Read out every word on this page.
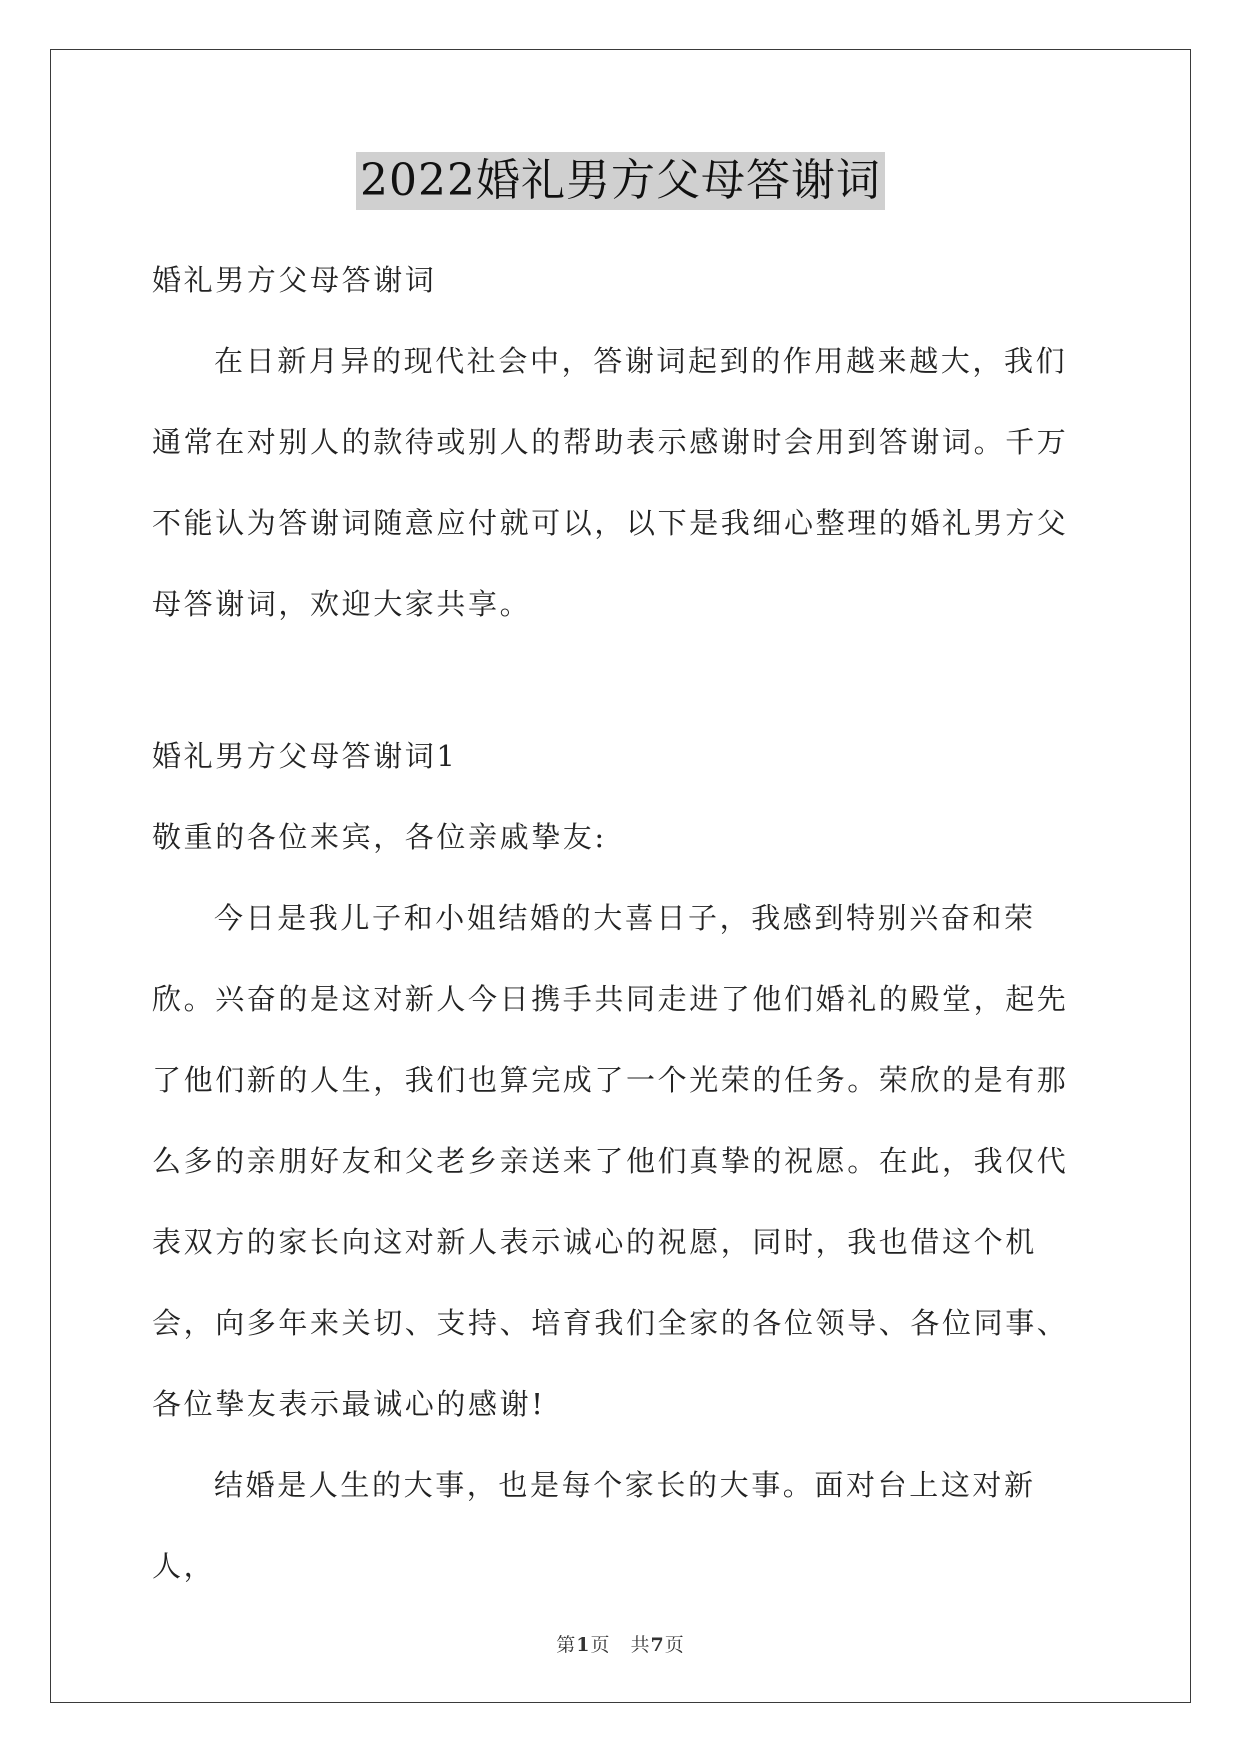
2022婚礼男方父母答谢词

婚礼男方父母答谢词

在日新月异的现代社会中，答谢词起到的作用越来越大，我们通常在对别人的款待或别人的帮助表示感谢时会用到答谢词。千万不能认为答谢词随意应付就可以，以下是我细心整理的婚礼男方父母答谢词，欢迎大家共享。

婚礼男方父母答谢词1

敬重的各位来宾，各位亲戚挚友:

今日是我儿子和小姐结婚的大喜日子，我感到特别兴奋和荣欣。兴奋的是这对新人今日携手共同走进了他们婚礼的殿堂，起先了他们新的人生，我们也算完成了一个光荣的任务。荣欣的是有那么多的亲朋好友和父老乡亲送来了他们真挚的祝愿。在此，我仅代表双方的家长向这对新人表示诚心的祝愿，同时，我也借这个机会，向多年来关切、支持、培育我们全家的各位领导、各位同事、各位挚友表示最诚心的感谢!

结婚是人生的大事，也是每个家长的大事。面对台上这对新人，

第1页 共7页
